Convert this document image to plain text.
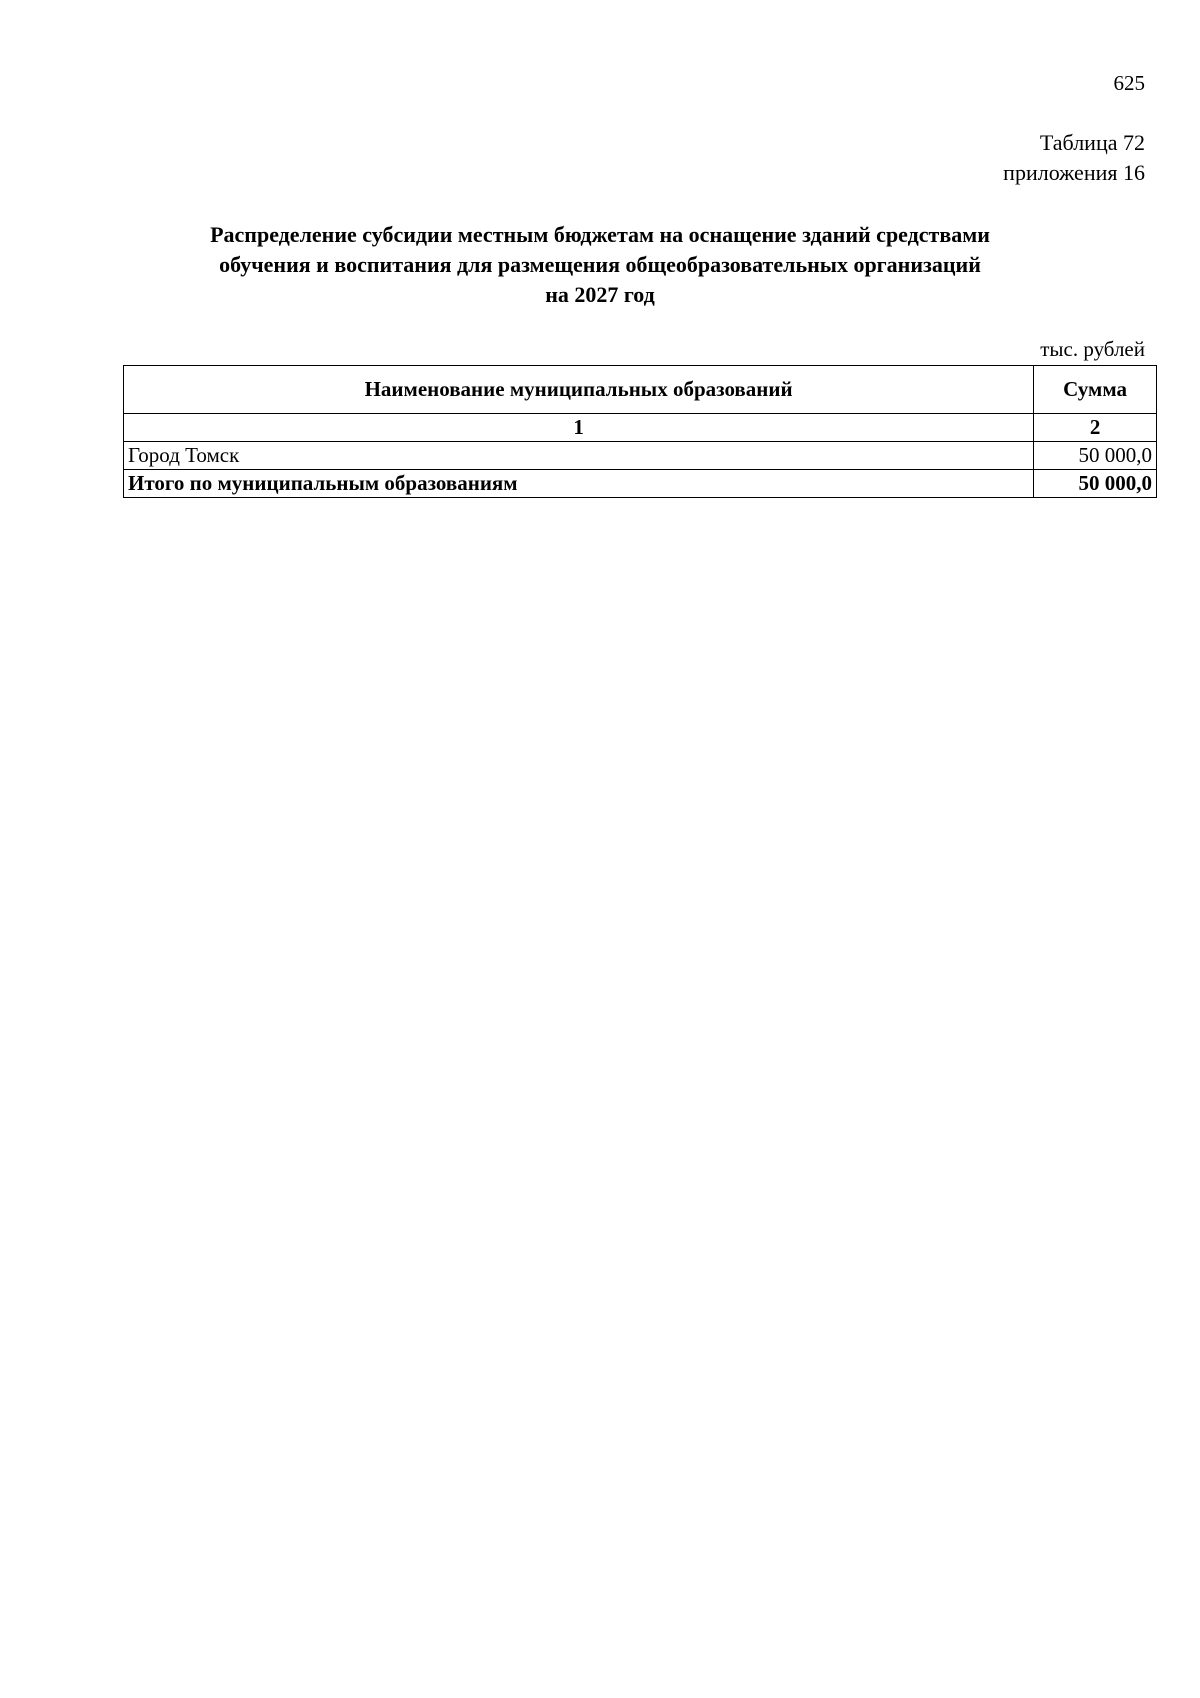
625
Таблица 72
приложения 16
Распределение субсидии местным бюджетам на оснащение зданий средствами
обучения и воспитания для размещения общеобразовательных организаций
на 2027 год
тыс. рублей
Наименование муниципальных образований	Сумма
1	2
Город Томск	50 000,0
Итого по муниципальным образованиям	50 000,0
